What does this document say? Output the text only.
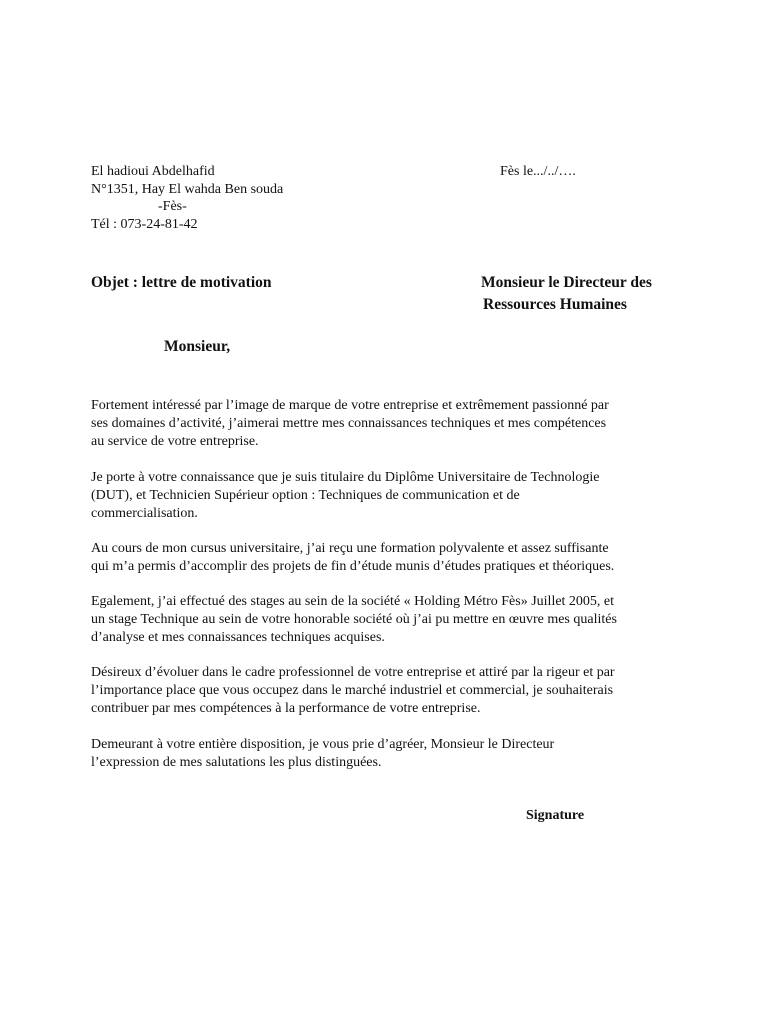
El hadioui Abdelhafid
N°1351, Hay El wahda Ben souda
-Fès-
Tél : 073-24-81-42
Fès le.../../….
Objet : lettre de motivation	Monsieur le Directeur des
Ressources Humaines
Monsieur,
Fortement intéressé par l’image de marque de votre entreprise et extrêmement passionné par
ses domaines d’activité, j’aimerai mettre mes connaissances techniques et mes compétences
au service de votre entreprise.
Je porte à votre connaissance que je suis titulaire du Diplôme Universitaire de Technologie
(DUT), et Technicien Supérieur option : Techniques de communication et de
commercialisation.
Au cours de mon cursus universitaire, j’ai reçu une formation polyvalente et assez suffisante
qui m’a permis d’accomplir des projets de fin d’étude munis d’études pratiques et théoriques.
Egalement, j’ai effectué des stages au sein de la société « Holding Métro Fès» Juillet 2005, et
un stage Technique au sein de votre honorable société où j’ai pu mettre en œuvre mes qualités
d’analyse et mes connaissances techniques acquises.
Désireux d’évoluer dans le cadre professionnel de votre entreprise et attiré par la rigeur et par
l’importance place que vous occupez dans le marché industriel et commercial, je souhaiterais
contribuer par mes compétences à la performance de votre entreprise.
Demeurant à votre entière disposition, je vous prie d’agréer, Monsieur le Directeur
l’expression de mes salutations les plus distinguées.
Signature
